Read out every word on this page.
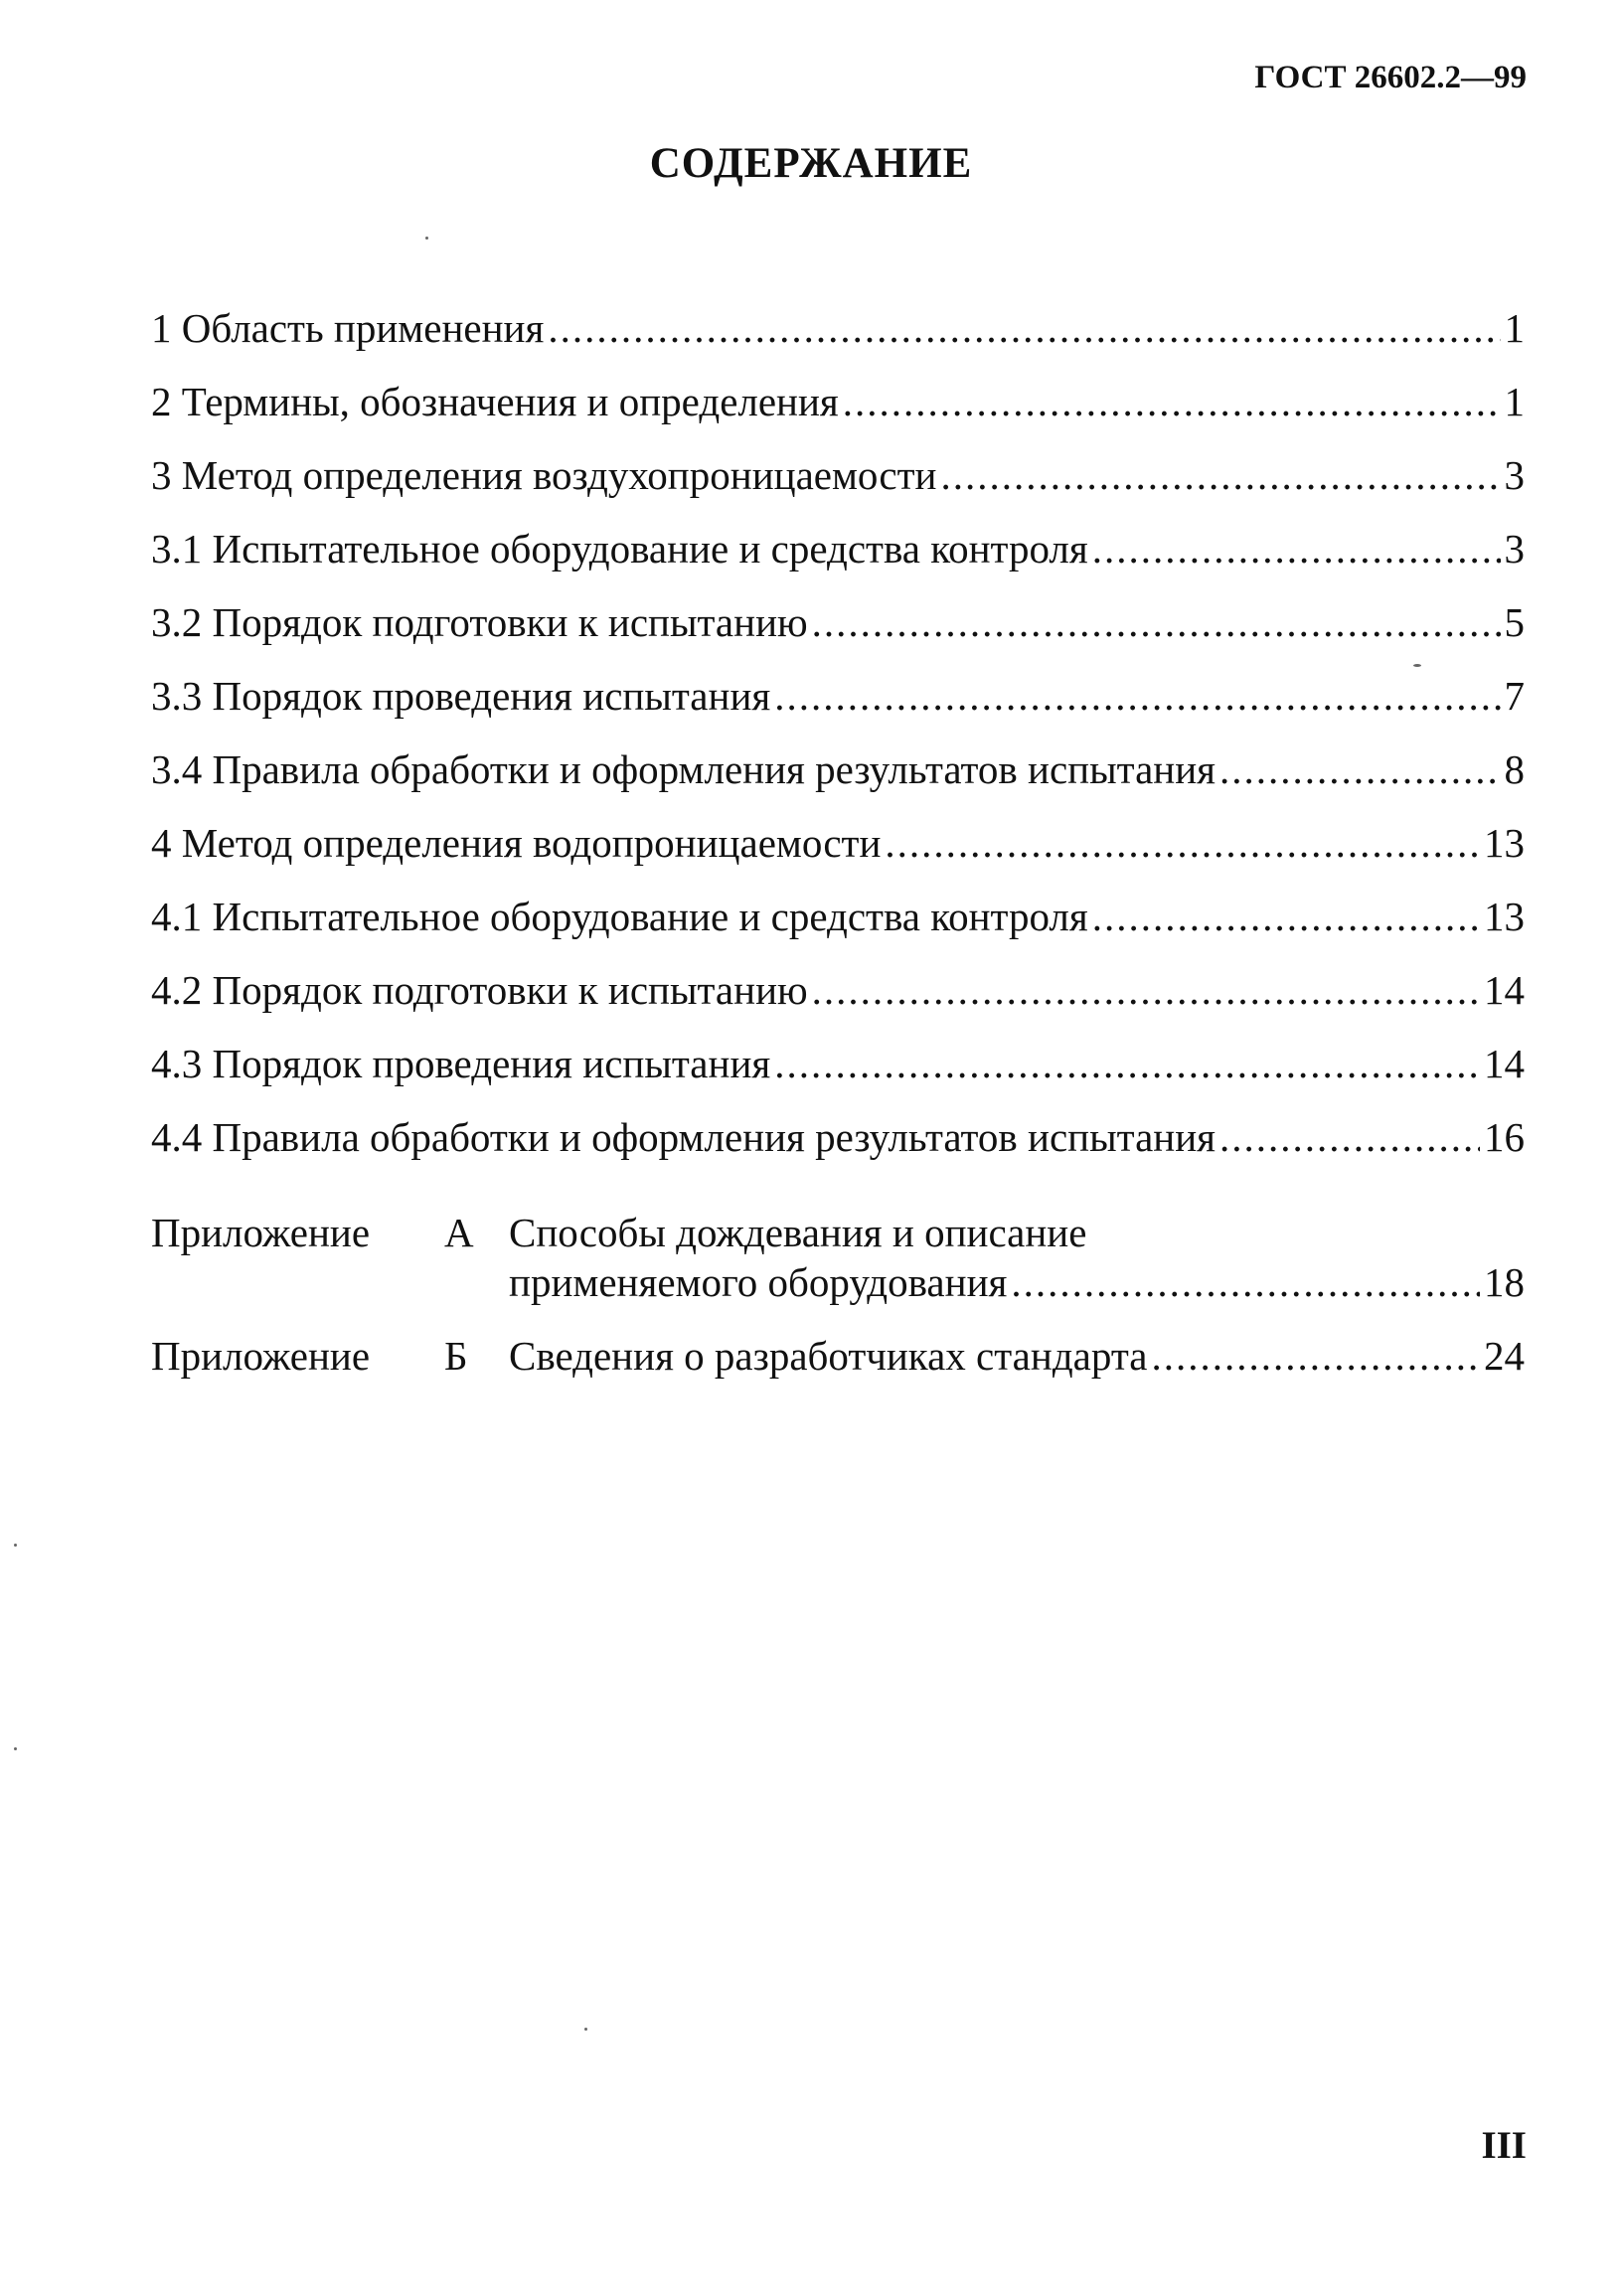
ГОСТ 26602.2—99
СОДЕРЖАНИЕ
1 Область применения .....	1
2 Термины, обозначения и определения .....	1
3 Метод определения воздухопроницаемости .....	3
3.1 Испытательное оборудование и средства контроля .....	3
3.2 Порядок подготовки к испытанию .....	5
3.3 Порядок проведения испытания .....	7
3.4 Правила обработки и оформления результатов испытания .....	8
4 Метод определения водопроницаемости .....	13
4.1 Испытательное оборудование и средства контроля .....	13
4.2 Порядок подготовки к испытанию .....	14
4.3 Порядок проведения испытания .....	14
4.4 Правила обработки и оформления результатов испытания .....	16
Приложение	А Способы дождевания и описание
применяемого оборудования .....	18
Приложение	Б	Сведения о разработчиках стандарта .....	24
III
